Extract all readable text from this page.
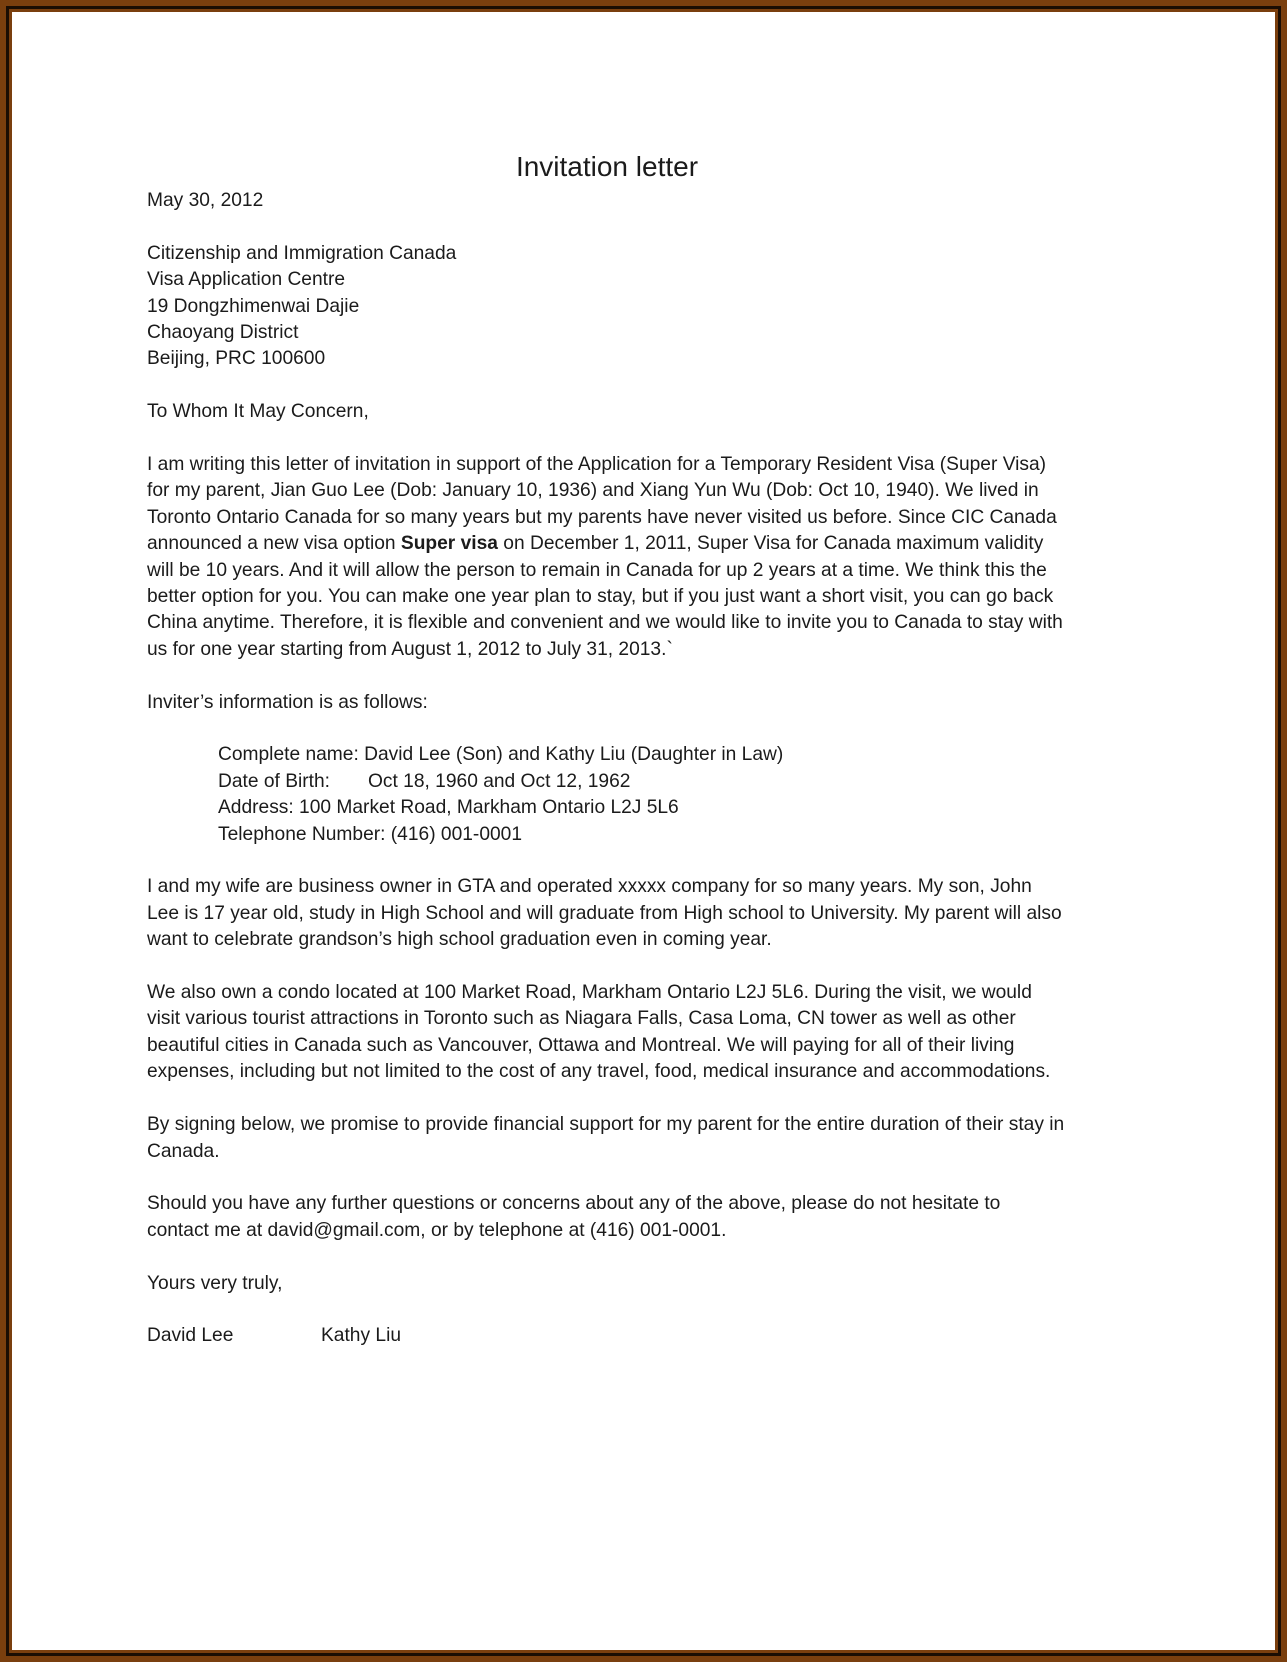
Invitation letter

May 30, 2012

Citizenship and Immigration Canada

Visa Application Centre

19 Dongzhimenwai Dajie

Chaoyang District

Beijing, PRC 100600

To Whom It May Concern,

I am writing this letter of invitation in support of the Application for a Temporary Resident Visa (Super Visa) for my parent, Jian Guo Lee (Dob: January 10, 1936) and Xiang Yun Wu (Dob: Oct 10, 1940). We lived in Toronto Ontario Canada for so many years but my parents have never visited us before. Since CIC Canada announced a new visa option Super visa on December 1, 2011, Super Visa for Canada maximum validity will be 10 years. And it will allow the person to remain in Canada for up 2 years at a time. We think this the better option for you. You can make one year plan to stay, but if you just want a short visit, you can go back China anytime. Therefore, it is flexible and convenient and we would like to invite you to Canada to stay with us for one year starting from August 1, 2012 to July 31, 2013.`

Inviter’s information is as follows:

Complete name: David Lee (Son) and Kathy Liu (Daughter in Law)

Date of Birth: Oct 18, 1960 and Oct 12, 1962

Address: 100 Market Road, Markham Ontario L2J 5L6

Telephone Number: (416) 001-0001

I and my wife are business owner in GTA and operated xxxxx company for so many years. My son, John Lee is 17 year old, study in High School and will graduate from High school to University. My parent will also want to celebrate grandson’s high school graduation even in coming year.

We also own a condo located at 100 Market Road, Markham Ontario L2J 5L6. During the visit, we would visit various tourist attractions in Toronto such as Niagara Falls, Casa Loma, CN tower as well as other beautiful cities in Canada such as Vancouver, Ottawa and Montreal. We will paying for all of their living expenses, including but not limited to the cost of any travel, food, medical insurance and accommodations.

By signing below, we promise to provide financial support for my parent for the entire duration of their stay in Canada.

Should you have any further questions or concerns about any of the above, please do not hesitate to contact me at david@gmail.com, or by telephone at (416) 001-0001.

Yours very truly,

David Lee	Kathy Liu
